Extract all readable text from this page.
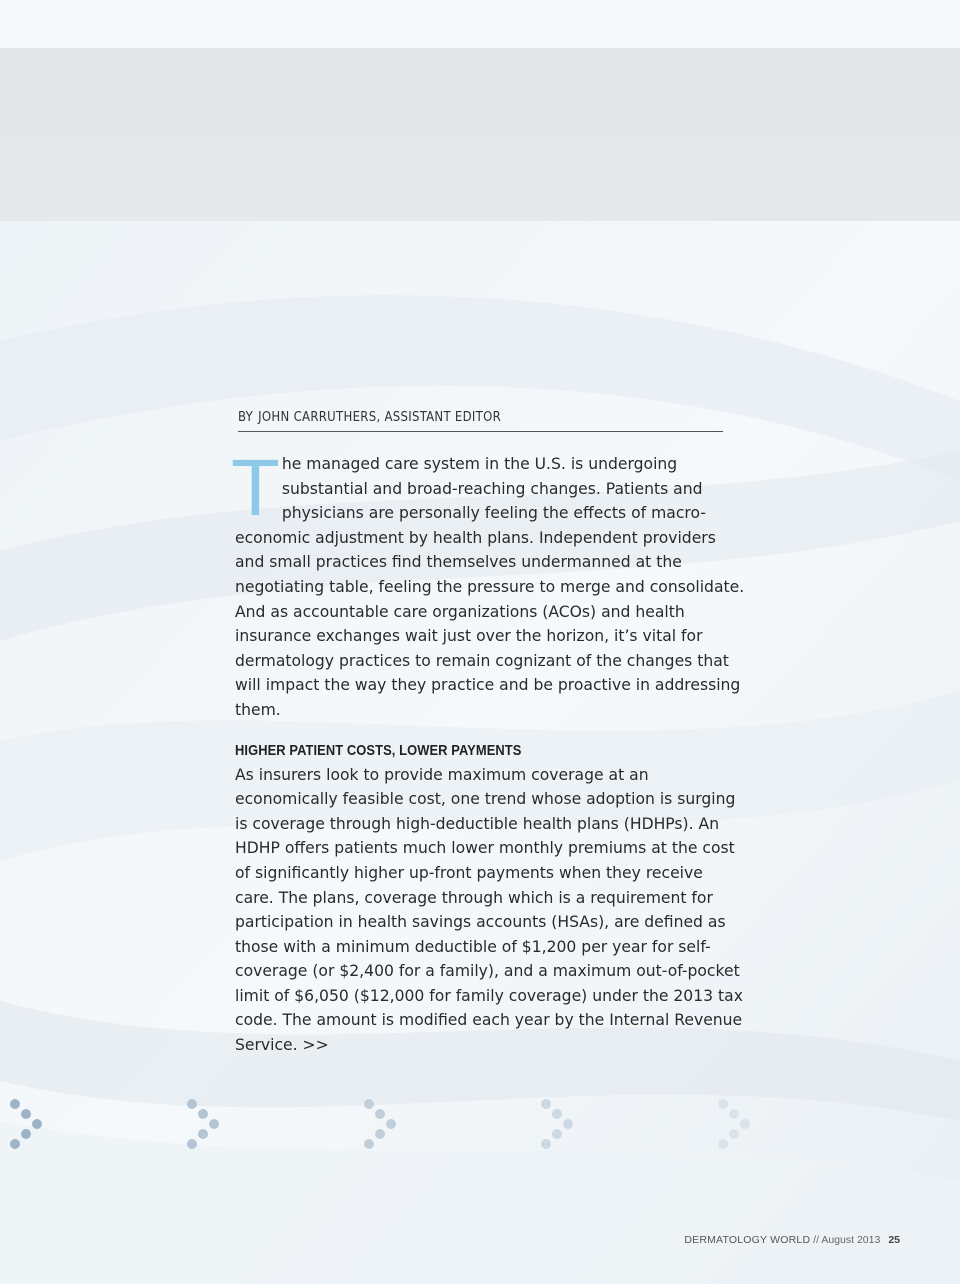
BY JOHN CARRUTHERS, ASSISTANT EDITOR

The managed care system in the U.S. is undergoing substantial and broad-reaching changes. Patients and physicians are personally feeling the effects of macro-economic adjustment by health plans. Independent providers and small practices find themselves undermanned at the negotiating table, feeling the pressure to merge and consolidate. And as accountable care organizations (ACOs) and health insurance exchanges wait just over the horizon, it’s vital for dermatology practices to remain cognizant of the changes that will impact the way they practice and be proactive in addressing them.

HIGHER PATIENT COSTS, LOWER PAYMENTS

As insurers look to provide maximum coverage at an economically feasible cost, one trend whose adoption is surging is coverage through high-deductible health plans (HDHPs). An HDHP offers patients much lower monthly premiums at the cost of significantly higher up-front payments when they receive care. The plans, coverage through which is a requirement for participation in health savings accounts (HSAs), are defined as those with a minimum deductible of $1,200 per year for self-coverage (or $2,400 for a family), and a maximum out-of-pocket limit of $6,050 ($12,000 for family coverage) under the 2013 tax code. The amount is modified each year by the Internal Revenue Service. >>

DERMATOLOGY WORLD // August 2013 25
